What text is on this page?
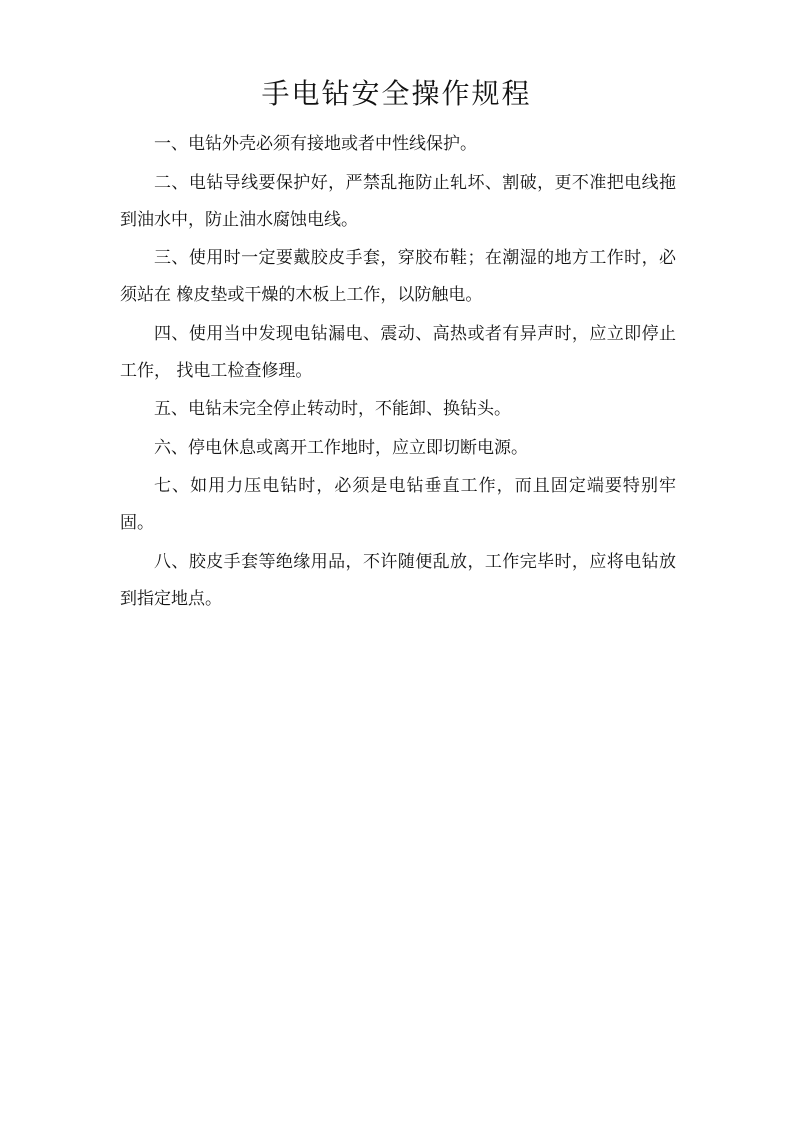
手电钻安全操作规程

一、电钻外壳必须有接地或者中性线保护。

二、电钻导线要保护好，严禁乱拖防止轧坏、割破，更不准把电线拖到油水中，防止油水腐蚀电线。

三、使用时一定要戴胶皮手套，穿胶布鞋；在潮湿的地方工作时，必须站在 橡皮垫或干燥的木板上工作，以防触电。

四、使用当中发现电钻漏电、震动、高热或者有异声时，应立即停止工作， 找电工检查修理。

五、电钻未完全停止转动时，不能卸、换钻头。

六、停电休息或离开工作地时，应立即切断电源。

七、如用力压电钻时，必须是电钻垂直工作，而且固定端要特别牢固。

八、胶皮手套等绝缘用品，不许随便乱放，工作完毕时，应将电钻放到指定地点。
